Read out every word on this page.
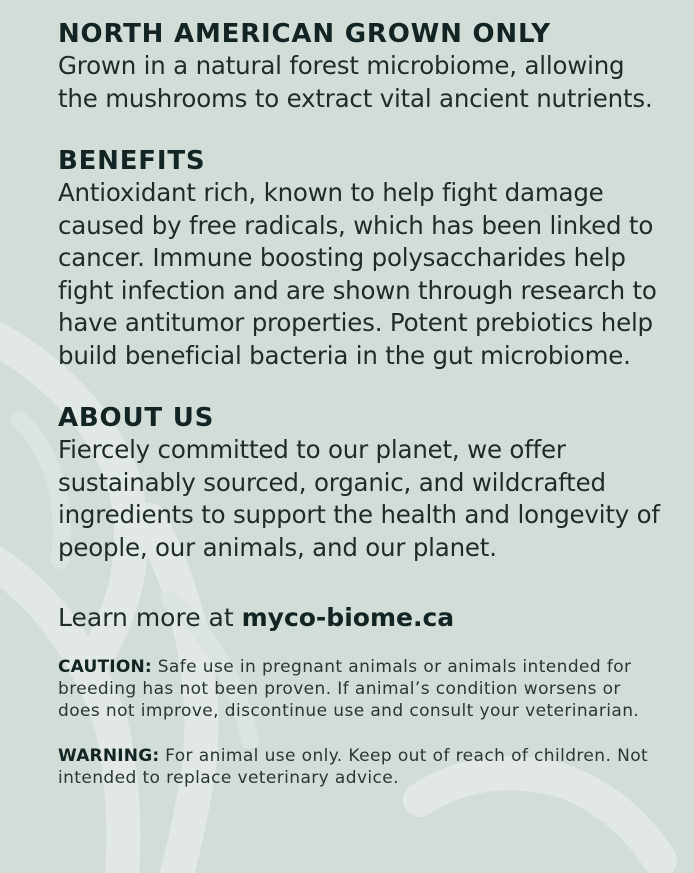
NORTH AMERICAN GROWN ONLY

Grown in a natural forest microbiome, allowing the mushrooms to extract vital ancient nutrients.

BENEFITS

Antioxidant rich, known to help fight damage caused by free radicals, which has been linked to cancer. Immune boosting polysaccharides help fight infection and are shown through research to have antitumor properties. Potent prebiotics help build beneficial bacteria in the gut microbiome.

ABOUT US

Fiercely committed to our planet, we offer sustainably sourced, organic, and wildcrafted ingredients to support the health and longevity of people, our animals, and our planet.

Learn more at myco-biome.ca

CAUTION: Safe use in pregnant animals or animals intended for breeding has not been proven. If animal’s condition worsens or does not improve, discontinue use and consult your veterinarian.

WARNING: For animal use only. Keep out of reach of children. Not intended to replace veterinary advice.
